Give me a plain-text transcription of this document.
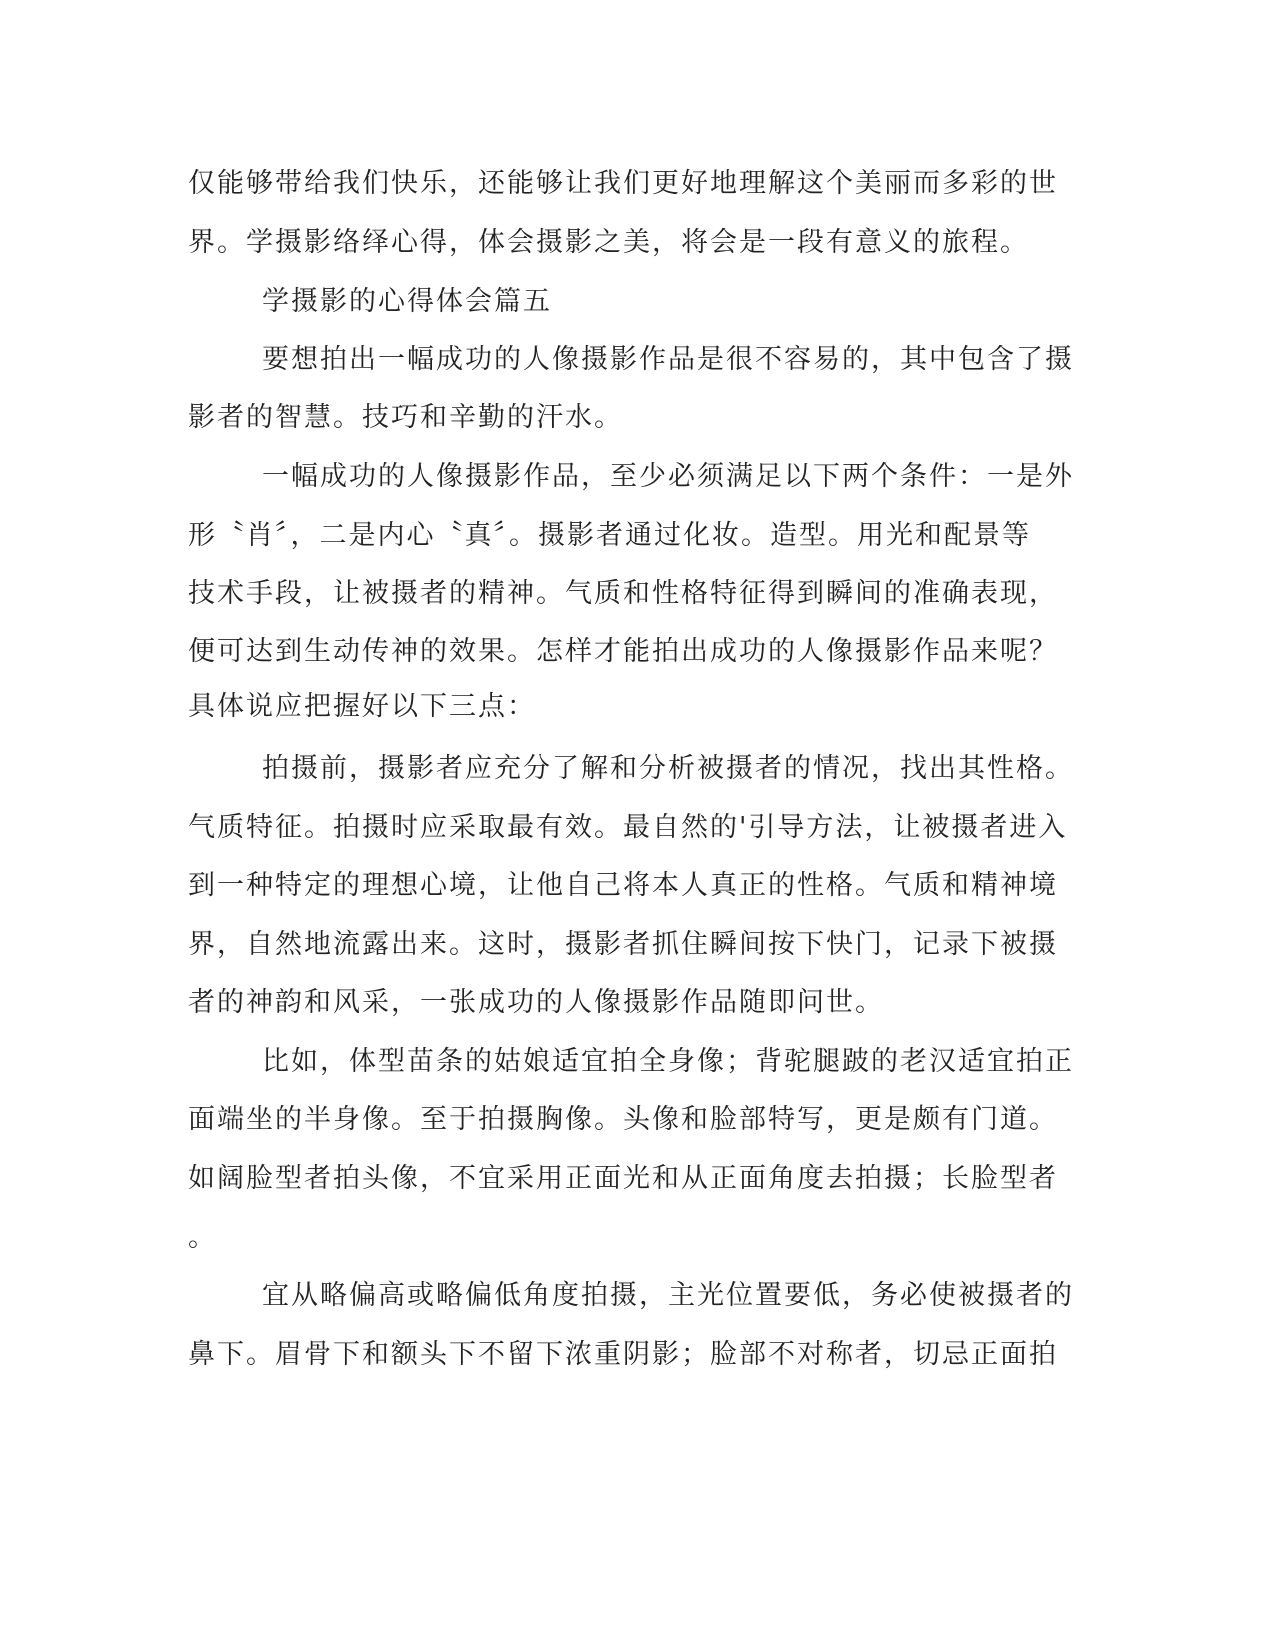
仅能够带给我们快乐，还能够让我们更好地理解这个美丽而多彩的世

界。学摄影络绎心得，体会摄影之美，将会是一段有意义的旅程。

学摄影的心得体会篇五

要想拍出一幅成功的人像摄影作品是很不容易的，其中包含了摄

影者的智慧。技巧和辛勤的汗水。

一幅成功的人像摄影作品，至少必须满足以下两个条件：一是外

形〝肖〞，二是内心〝真〞。摄影者通过化妆。造型。用光和配景等

技术手段，让被摄者的精神。气质和性格特征得到瞬间的准确表现，

便可达到生动传神的效果。怎样才能拍出成功的人像摄影作品来呢？

具体说应把握好以下三点：

拍摄前，摄影者应充分了解和分析被摄者的情况，找出其性格。

气质特征。拍摄时应采取最有效。最自然的'引导方法，让被摄者进入

到一种特定的理想心境，让他自己将本人真正的性格。气质和精神境

界，自然地流露出来。这时，摄影者抓住瞬间按下快门，记录下被摄

者的神韵和风采，一张成功的人像摄影作品随即问世。

比如，体型苗条的姑娘适宜拍全身像；背驼腿跛的老汉适宜拍正

面端坐的半身像。至于拍摄胸像。头像和脸部特写，更是颇有门道。

如阔脸型者拍头像，不宜采用正面光和从正面角度去拍摄；长脸型者

。

宜从略偏高或略偏低角度拍摄，主光位置要低，务必使被摄者的

鼻下。眉骨下和额头下不留下浓重阴影；脸部不对称者，切忌正面拍
